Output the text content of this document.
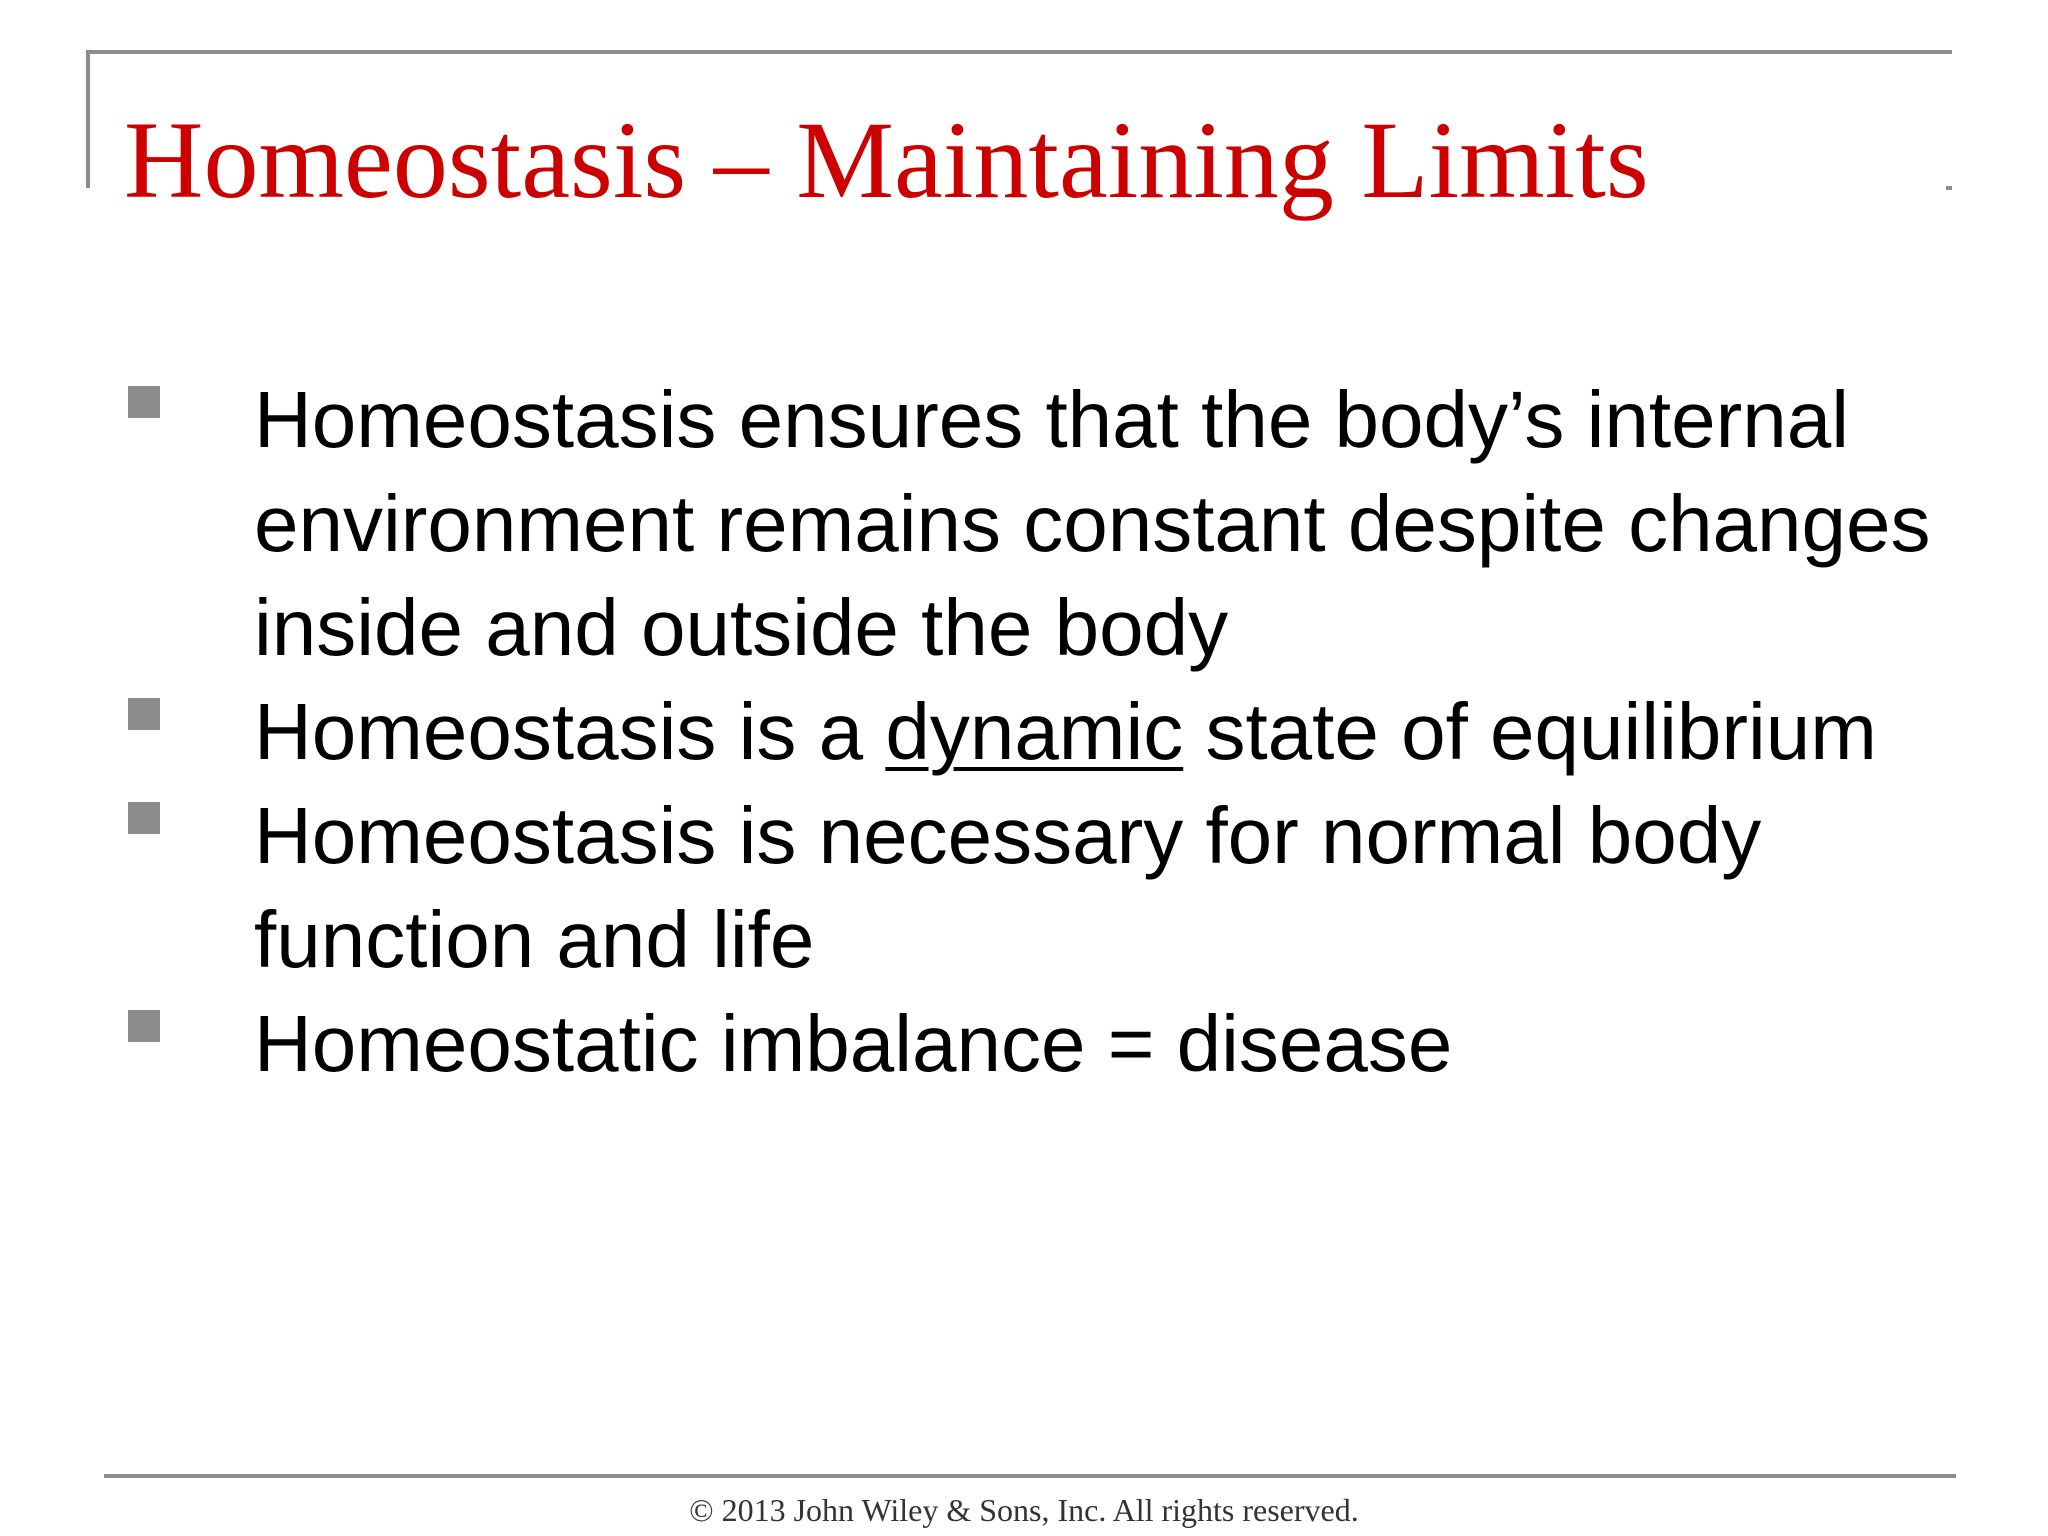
Homeostasis – Maintaining Limits
Homeostasis ensures that the body’s internal environment remains constant despite changes inside and outside the body
Homeostasis is a dynamic state of equilibrium
Homeostasis is necessary for normal body function and life
Homeostatic imbalance = disease

© 2013 John Wiley & Sons, Inc. All rights reserved.
